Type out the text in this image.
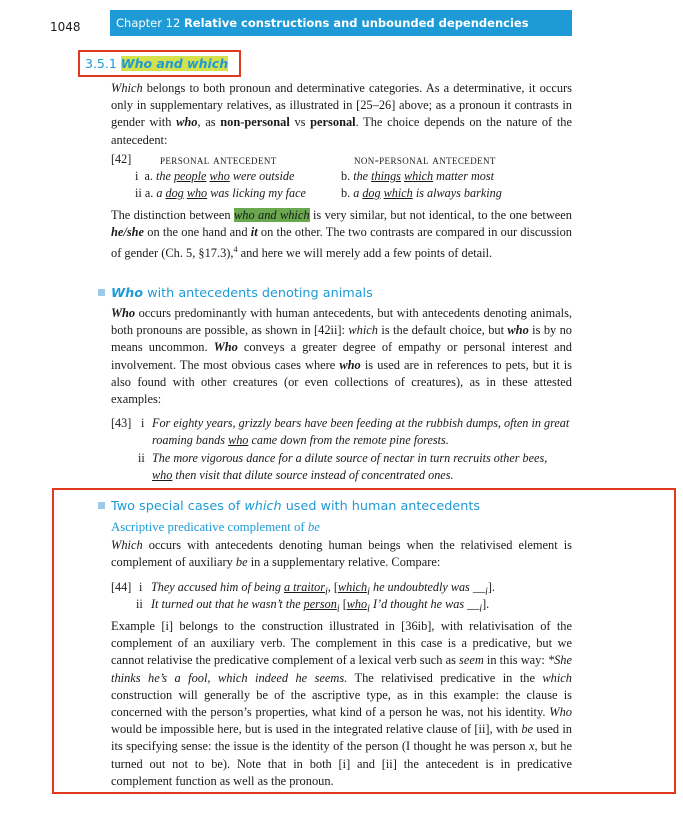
1048	Chapter 12 Relative constructions and unbounded dependencies
3.5.1 Who and which

Which belongs to both pronoun and determinative categories. As a determinative, it occurs only in supplementary relatives, as illustrated in [25–26] above; as a pronoun it contrasts in gender with who, as non-personal vs personal. The choice depends on the nature of the antecedent:

[42] personal antecedent	non-personal antecedent
i a. the people who were outside	b. the things which matter most
ii a. a dog who was licking my face	b. a dog which is always barking

The distinction between who and which is very similar, but not identical, to the one between he/she on the one hand and it on the other. The two contrasts are compared in our discussion of gender (Ch. 5, §17.3),$^4$ and here we will merely add a few points of detail.

Who with antecedents denoting animals

Who occurs predominantly with human antecedents, but with antecedents denoting animals, both pronouns are possible, as shown in [42ii]: which is the default choice, but who is by no means uncommon. Who conveys a greater degree of empathy or personal interest and involvement. The most obvious cases where who is used are in references to pets, but it is also found with other creatures (or even collections of creatures), as in these attested examples:

[43] i For eighty years, grizzly bears have been feeding at the rubbish dumps, often in great
roaming bands who came down from the remote pine forests.
ii The more vigorous dance for a dilute source of nectar in turn recruits other bees,
who then visit that dilute source instead of concentrated ones.
Two special cases of which used with human antecedents
Ascriptive predicative complement of be

Which occurs with antecedents denoting human beings when the relativised element is complement of auxiliary be in a supplementary relative. Compare:

[44] i They accused him of being a traitor$_i$, [which$_i$ he undoubtedly was $\_\__i$].
ii It turned out that he wasn’t the person$_i$ [who$_i$ I’d thought he was $\_\__i$].

Example [i] belongs to the construction illustrated in [36ib], with relativisation of the complement of an auxiliary verb. The complement in this case is a predicative, but we cannot relativise the predicative complement of a lexical verb such as seem in this way: *She thinks he’s a fool, which indeed he seems. The relativised predicative in the which construction will generally be of the ascriptive type, as in this example: the clause is concerned with the person’s properties, what kind of a person he was, not his identity. Who would be impossible here, but is used in the integrated relative clause of [ii], with be used in its specifying sense: the issue is the identity of the person (I thought he was person x, but he turned out not to be). Note that in both [i] and [ii] the antecedent is in predicative complement function as well as the pronoun.
